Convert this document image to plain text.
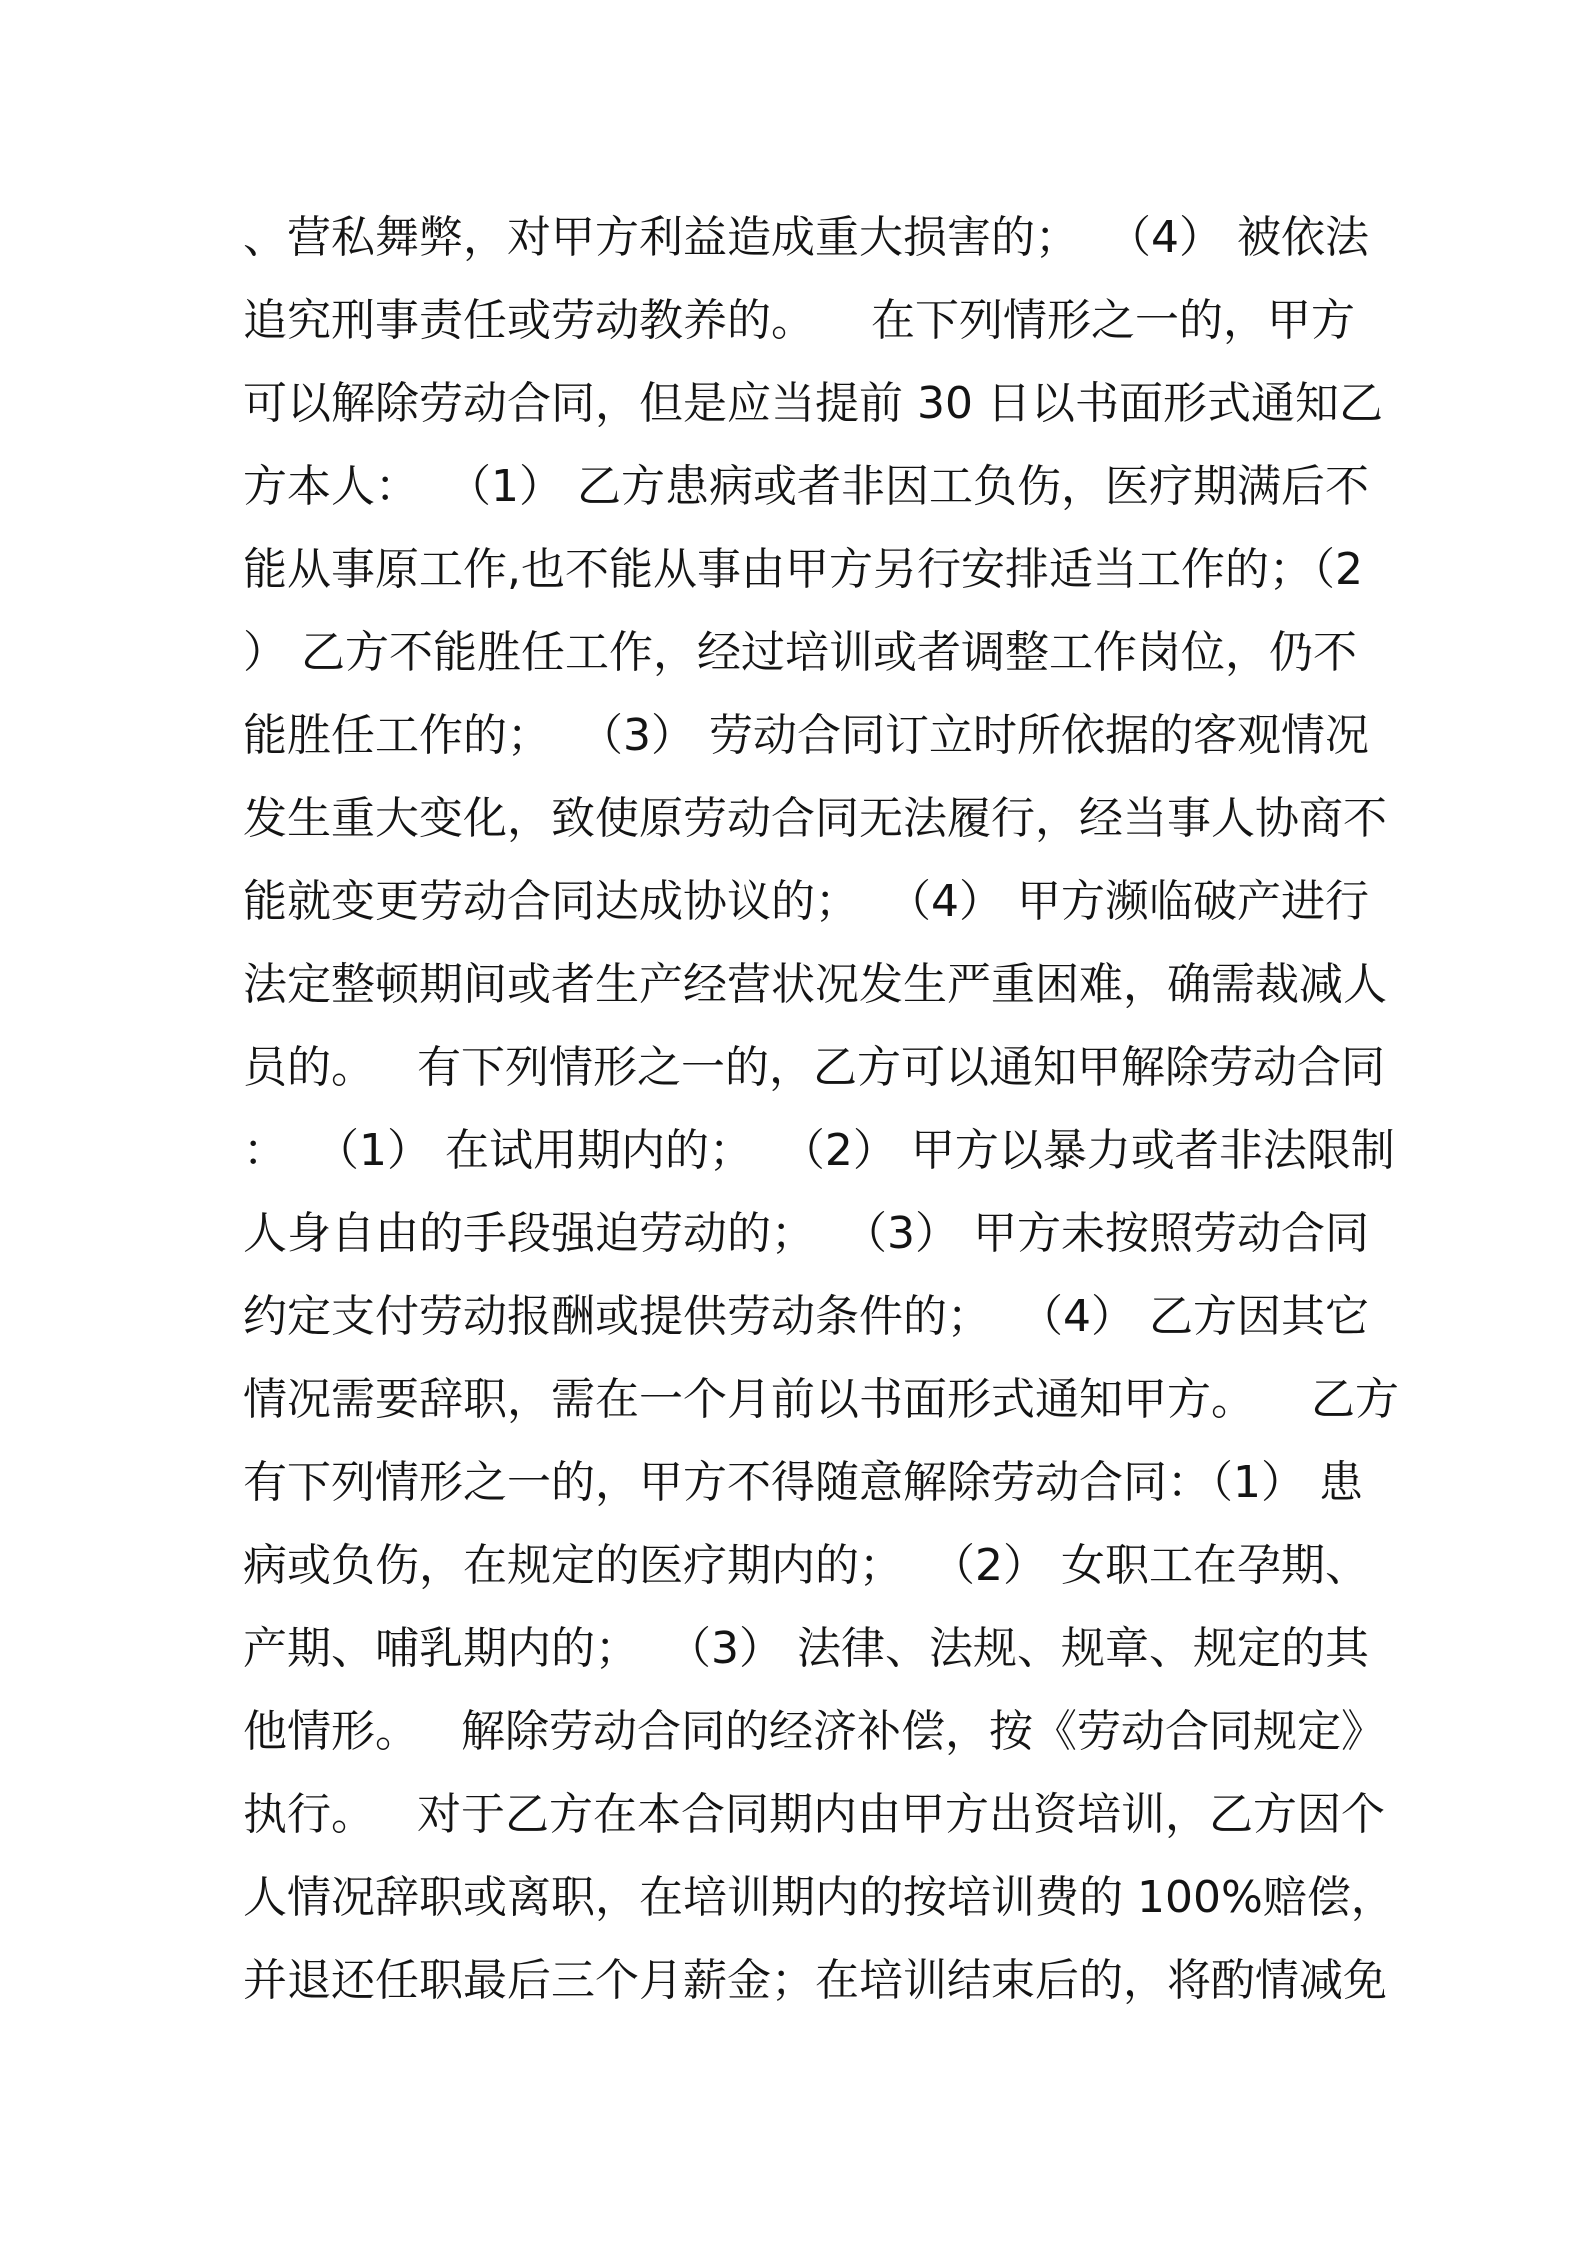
、营私舞弊，对甲方利益造成重大损害的；  （4） 被依法
追究刑事责任或劳动教养的。    在下列情形之一的，甲方
可以解除劳动合同，但是应当提前 30 日以书面形式通知乙
方本人：  （1） 乙方患病或者非因工负伤，医疗期满后不
能从事原工作,也不能从事由甲方另行安排适当工作的；（2
） 乙方不能胜任工作，经过培训或者调整工作岗位，仍不
能胜任工作的；  （3） 劳动合同订立时所依据的客观情况
发生重大变化，致使原劳动合同无法履行，经当事人协商不
能就变更劳动合同达成协议的；  （4） 甲方濒临破产进行
法定整顿期间或者生产经营状况发生严重困难，确需裁减人
员的。   有下列情形之一的，乙方可以通知甲解除劳动合同
：  （1） 在试用期内的；  （2） 甲方以暴力或者非法限制
人身自由的手段强迫劳动的；  （3） 甲方未按照劳动合同
约定支付劳动报酬或提供劳动条件的；  （4） 乙方因其它
情况需要辞职，需在一个月前以书面形式通知甲方。    乙方
有下列情形之一的，甲方不得随意解除劳动合同：（1） 患
病或负伤，在规定的医疗期内的；  （2） 女职工在孕期、
产期、哺乳期内的；  （3） 法律、法规、规章、规定的其
他情形。   解除劳动合同的经济补偿，按《劳动合同规定》
执行。   对于乙方在本合同期内由甲方出资培训，乙方因个
人情况辞职或离职，在培训期内的按培训费的 100%赔偿，
并退还任职最后三个月薪金；在培训结束后的，将酌情减免
